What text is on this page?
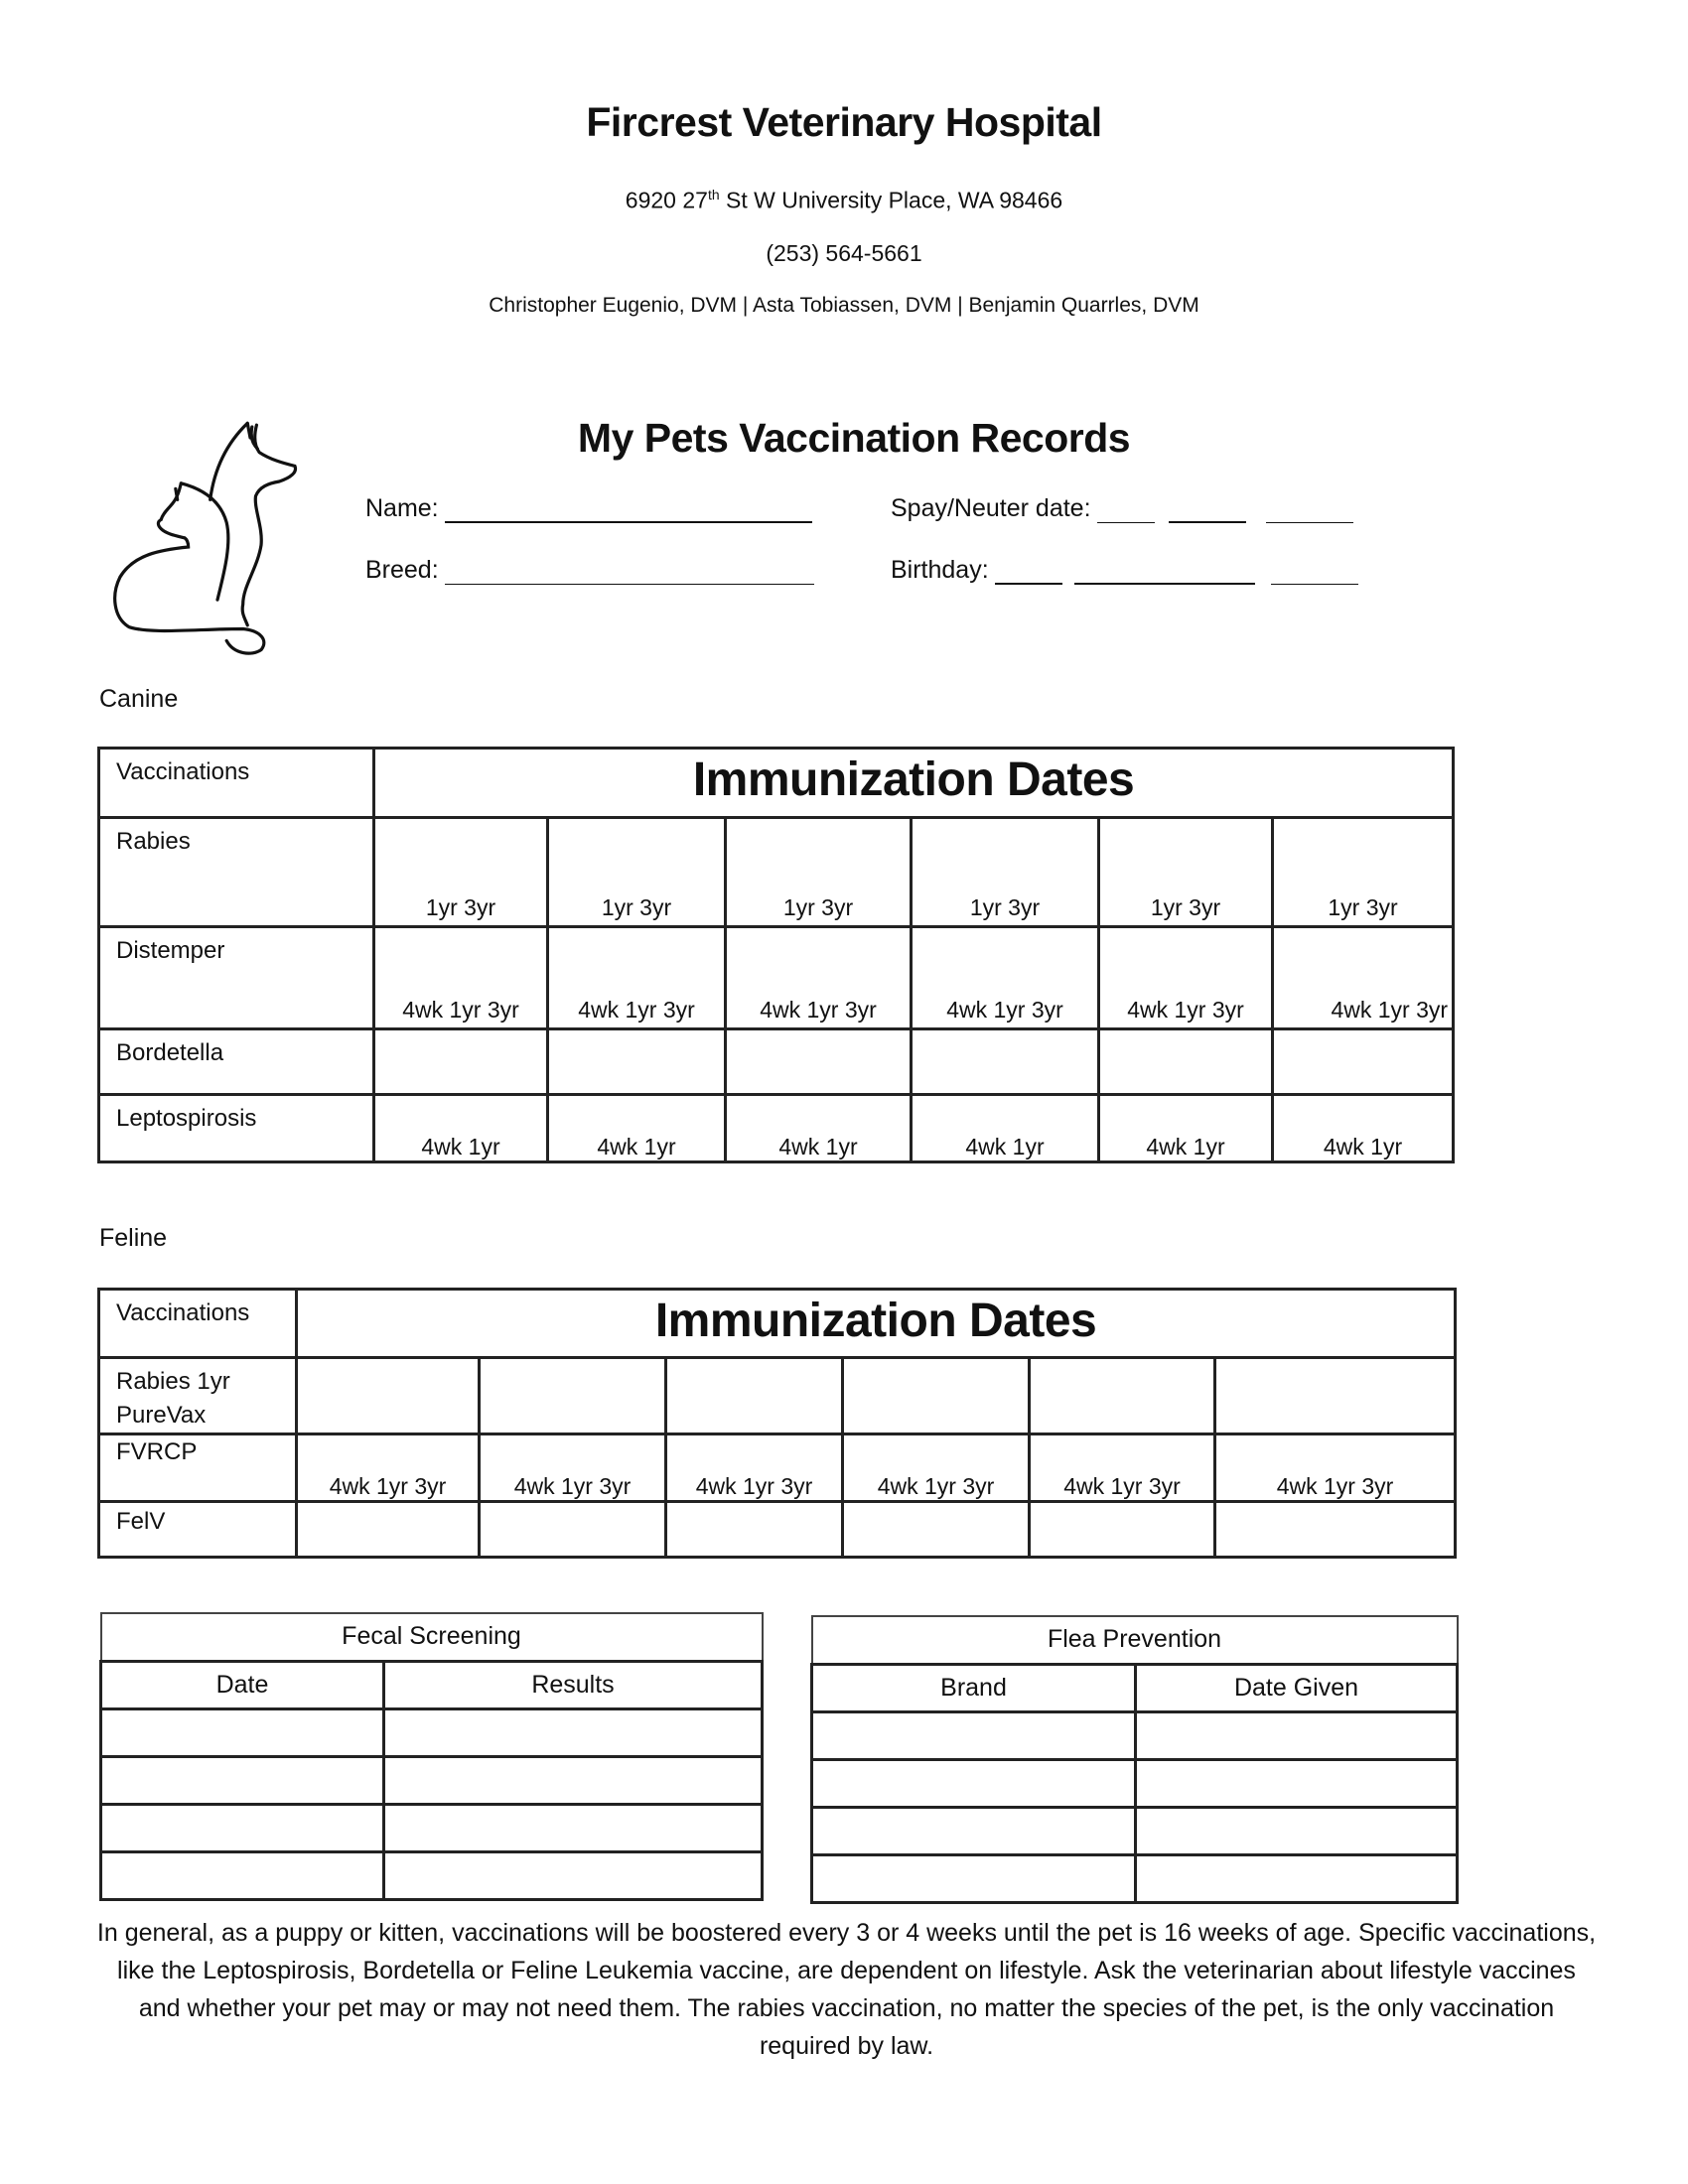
Fircrest Veterinary Hospital
6920 27th St W University Place, WA 98466
(253) 564-5661
Christopher Eugenio, DVM | Asta Tobiassen, DVM | Benjamin Quarrles, DVM
My Pets Vaccination Records
Name:
Breed:
Spay/Neuter date:
Birthday:
Canine
Vaccinations	Immunization Dates					

Rabies	1yr 3yr	1yr 3yr	1yr 3yr	1yr 3yr	1yr 3yr	1yr 3yr

Distemper	4wk 1yr 3yr	4wk 1yr 3yr	4wk 1yr 3yr	4wk 1yr 3yr	4wk 1yr 3yr	4wk 1yr 3yr

Bordetella						

Leptospirosis	4wk 1yr	4wk 1yr	4wk 1yr	4wk 1yr	4wk 1yr	4wk 1yr
Feline
Vaccinations	Immunization Dates					

Rabies 1yr
PureVax						

FVRCP	4wk 1yr 3yr	4wk 1yr 3yr	4wk 1yr 3yr	4wk 1yr 3yr	4wk 1yr 3yr	4wk 1yr 3yr

FelV						

Fecal Screening	
Date	Results

Flea Prevention	
Brand	Date Given

In general, as a puppy or kitten, vaccinations will be boostered every 3 or 4 weeks until the pet is 16 weeks of age. Specific vaccinations, like the Leptospirosis, Bordetella or Feline Leukemia vaccine, are dependent on lifestyle. Ask the veterinarian about lifestyle vaccines and whether your pet may or may not need them. The rabies vaccination, no matter the species of the pet, is the only vaccination required by law.
